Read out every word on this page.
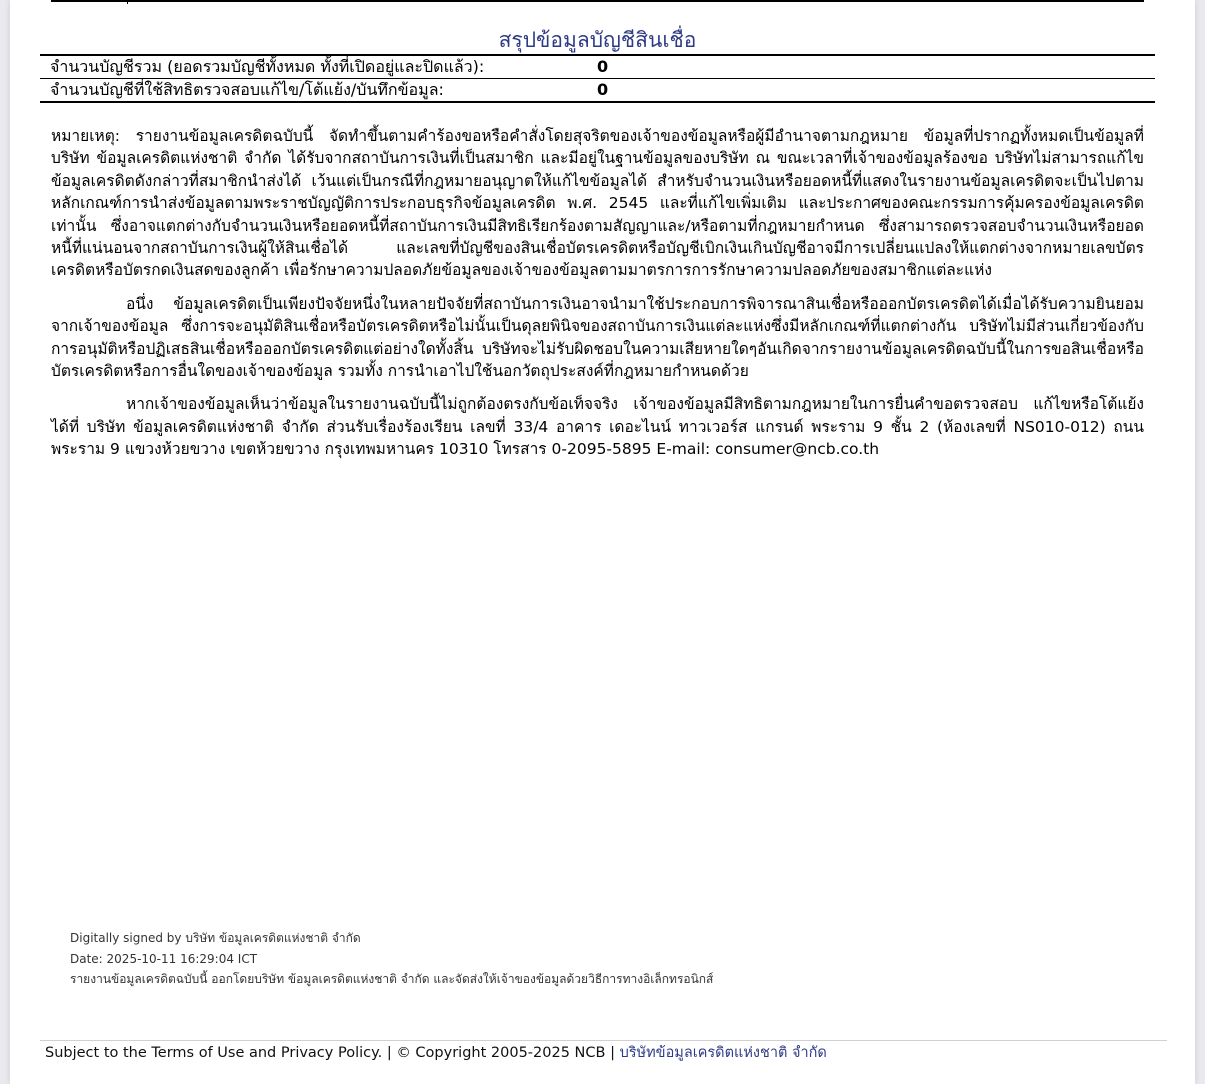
สรุปข้อมูลบัญชีสินเชื่อ
จำนวนบัญชีรวม (ยอดรวมบัญชีทั้งหมด ทั้งที่เปิดอยู่และปิดแล้ว):	0
จำนวนบัญชีที่ใช้สิทธิตรวจสอบแก้ไข/โต้แย้ง/บันทึกข้อมูล:	0

หมายเหตุ: รายงานข้อมูลเครดิตฉบับนี้ จัดทำขึ้นตามคำร้องขอหรือคำสั่งโดยสุจริตของเจ้าของข้อมูลหรือผู้มีอำนาจตามกฎหมาย ข้อมูลที่ปรากฏทั้งหมดเป็นข้อมูลที่บริษัท ข้อมูลเครดิตแห่งชาติ จำกัด ได้รับจากสถาบันการเงินที่เป็นสมาชิก และมีอยู่ในฐานข้อมูลของบริษัท ณ ขณะเวลาที่เจ้าของข้อมูลร้องขอ บริษัทไม่สามารถแก้ไขข้อมูลเครดิตดังกล่าวที่สมาชิกนำส่งได้ เว้นแต่เป็นกรณีที่กฎหมายอนุญาตให้แก้ไขข้อมูลได้ สำหรับจำนวนเงินหรือยอดหนี้ที่แสดงในรายงานข้อมูลเครดิตจะเป็นไปตามหลักเกณฑ์การนำส่งข้อมูลตามพระราชบัญญัติการประกอบธุรกิจข้อมูลเครดิต พ.ศ. 2545 และที่แก้ไขเพิ่มเติม และประกาศของคณะกรรมการคุ้มครองข้อมูลเครดิตเท่านั้น ซึ่งอาจแตกต่างกับจำนวนเงินหรือยอดหนี้ที่สถาบันการเงินมีสิทธิเรียกร้องตามสัญญาและ/หรือตามที่กฎหมายกำหนด ซึ่งสามารถตรวจสอบจำนวนเงินหรือยอดหนี้ที่แน่นอนจากสถาบันการเงินผู้ให้สินเชื่อได้ และเลขที่บัญชีของสินเชื่อบัตรเครดิตหรือบัญชีเบิกเงินเกินบัญชีอาจมีการเปลี่ยนแปลงให้แตกต่างจากหมายเลขบัตรเครดิตหรือบัตรกดเงินสดของลูกค้า เพื่อรักษาความปลอดภัยข้อมูลของเจ้าของข้อมูลตามมาตรการการรักษาความปลอดภัยของสมาชิกแต่ละแห่ง

อนึ่ง ข้อมูลเครดิตเป็นเพียงปัจจัยหนึ่งในหลายปัจจัยที่สถาบันการเงินอาจนำมาใช้ประกอบการพิจารณาสินเชื่อหรือออกบัตรเครดิตได้เมื่อได้รับความยินยอมจากเจ้าของข้อมูล ซึ่งการจะอนุมัติสินเชื่อหรือบัตรเครดิตหรือไม่นั้นเป็นดุลยพินิจของสถาบันการเงินแต่ละแห่งซึ่งมีหลักเกณฑ์ที่แตกต่างกัน บริษัทไม่มีส่วนเกี่ยวข้องกับการอนุมัติหรือปฏิเสธสินเชื่อหรือออกบัตรเครดิตแต่อย่างใดทั้งสิ้น บริษัทจะไม่รับผิดชอบในความเสียหายใดๆอันเกิดจากรายงานข้อมูลเครดิตฉบับนี้ในการขอสินเชื่อหรือบัตรเครดิตหรือการอื่นใดของเจ้าของข้อมูล รวมทั้ง การนำเอาไปใช้นอกวัตถุประสงค์ที่กฎหมายกำหนดด้วย

หากเจ้าของข้อมูลเห็นว่าข้อมูลในรายงานฉบับนี้ไม่ถูกต้องตรงกับข้อเท็จจริง เจ้าของข้อมูลมีสิทธิตามกฎหมายในการยื่นคำขอตรวจสอบ แก้ไขหรือโต้แย้งได้ที่ บริษัท ข้อมูลเครดิตแห่งชาติ จำกัด ส่วนรับเรื่องร้องเรียน เลขที่ 33/4 อาคาร เดอะไนน์ ทาวเวอร์ส แกรนด์ พระราม 9 ชั้น 2 (ห้องเลขที่ NS010-012) ถนนพระราม 9 แขวงห้วยขวาง เขตห้วยขวาง กรุงเทพมหานคร 10310 โทรสาร 0-2095-5895 E-mail: consumer@ncb.co.th

Digitally signed by บริษัท ข้อมูลเครดิตแห่งชาติ จำกัด
Date: 2025-10-11 16:29:04 ICT
รายงานข้อมูลเครดิตฉบับนี้ ออกโดยบริษัท ข้อมูลเครดิตแห่งชาติ จำกัด และจัดส่งให้เจ้าของข้อมูลด้วยวิธีการทางอิเล็กทรอนิกส์
Subject to the Terms of Use and Privacy Policy. | © Copyright 2005-2025 NCB | บริษัทข้อมูลเครดิตแห่งชาติ จำกัด
